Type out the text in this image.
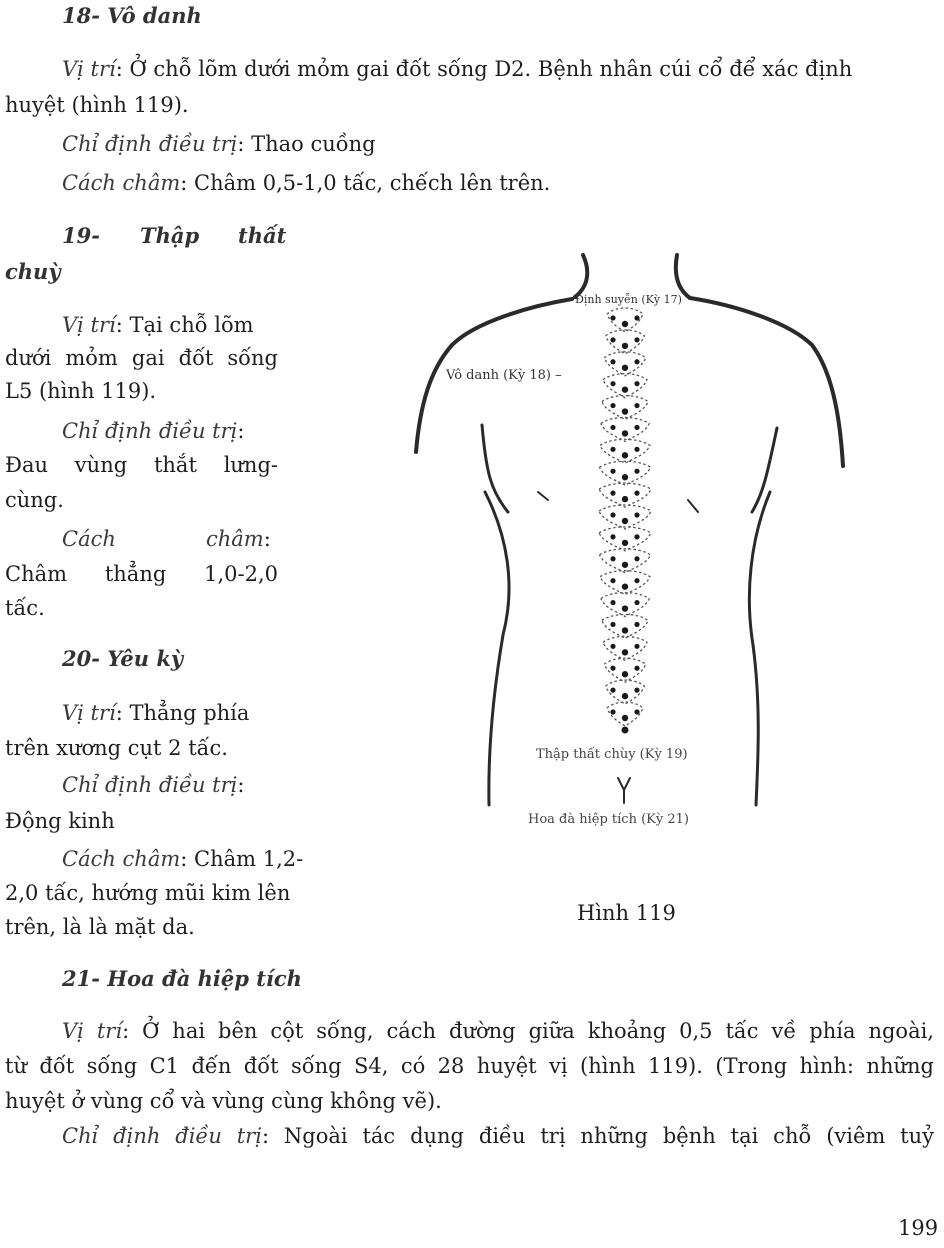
18- Vô danh
Vị trí: Ở chỗ lõm dưới mỏm gai đốt sống D2. Bệnh nhân cúi cổ để xác định
huyệt (hình 119).
Chỉ định điều trị: Thao cuồng
Cách châm: Châm 0,5-1,0 tấc, chếch lên trên.
19- Thập thất
chuỳ
Vị trí: Tại chỗ lõm
dưới mỏm gai đốt sống
L5 (hình 119).
Chỉ định điều trị:
Đau vùng thắt lưng-
cùng.
Cách	châm:
Châm thẳng 1,0-2,0
tấc.
20- Yêu kỳ
Vị trí: Thẳng phía
trên xương cụt 2 tấc.
Chỉ định điều trị:
Động kinh
Cách châm: Châm 1,2-
2,0 tấc, hướng mũi kim lên
trên, là là mặt da.
21- Hoa đà hiệp tích
Vị trí: Ở hai bên cột sống, cách đường giữa khoảng 0,5 tấc về phía ngoài,
từ đốt sống C1 đến đốt sống S4, có 28 huyệt vị (hình 119). (Trong hình: những
huyệt ở vùng cổ và vùng cùng không vẽ).
Chỉ định điều trị: Ngoài tác dụng điều trị những bệnh tại chỗ (viêm tuỷ
Định suyễn (Kỳ 17)
Vô danh (Kỳ 18) –
Thập thất chùy (Kỳ 19)
Hoa đà hiệp tích (Kỳ 21)
Hình 119
199
